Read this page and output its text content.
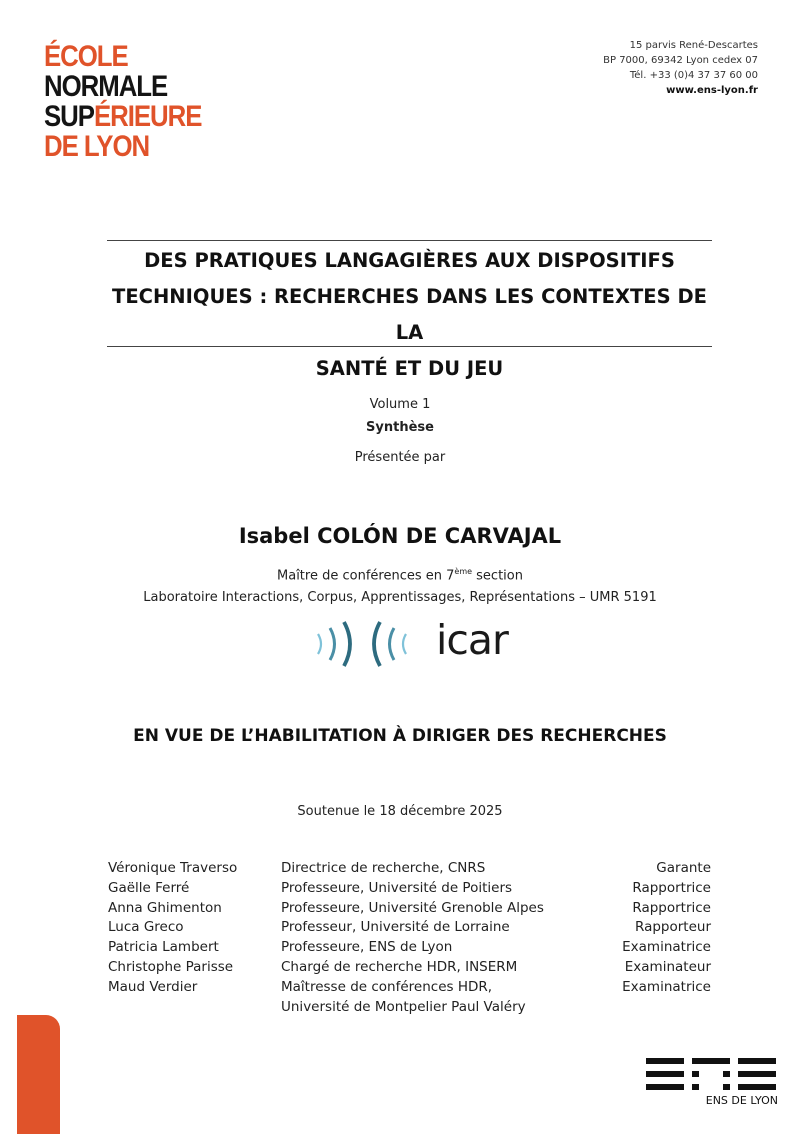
ÉCOLE
NORMALE
SUPÉRIEURE
DE LYON
15 parvis René-Descartes
BP 7000, 69342 Lyon cedex 07
Tél. +33 (0)4 37 37 60 00
www.ens-lyon.fr
DES PRATIQUES LANGAGIÈRES AUX DISPOSITIFS
TECHNIQUES : RECHERCHES DANS LES CONTEXTES DE LA
SANTÉ ET DU JEU
Volume 1
Synthèse
Présentée par
Isabel COLÓN DE CARVAJAL
Maître de conférences en 7ème section
Laboratoire Interactions, Corpus, Apprentissages, Représentations – UMR 5191
icar
EN VUE DE L’HABILITATION À DIRIGER DES RECHERCHES
Soutenue le 18 décembre 2025
Véronique Traverso	Directrice de recherche, CNRS	Garante
Gaëlle Ferré	Professeure, Université de Poitiers	Rapportrice
Anna Ghimenton	Professeure, Université Grenoble Alpes	Rapportrice
Luca Greco	Professeur, Université de Lorraine	Rapporteur
Patricia Lambert	Professeure, ENS de Lyon	Examinatrice
Christophe Parisse	Chargé de recherche HDR, INSERM	Examinateur
Maud Verdier	Maîtresse de conférences HDR,	Examinatrice
Université de Montpelier Paul Valéry
ENS DE LYON
